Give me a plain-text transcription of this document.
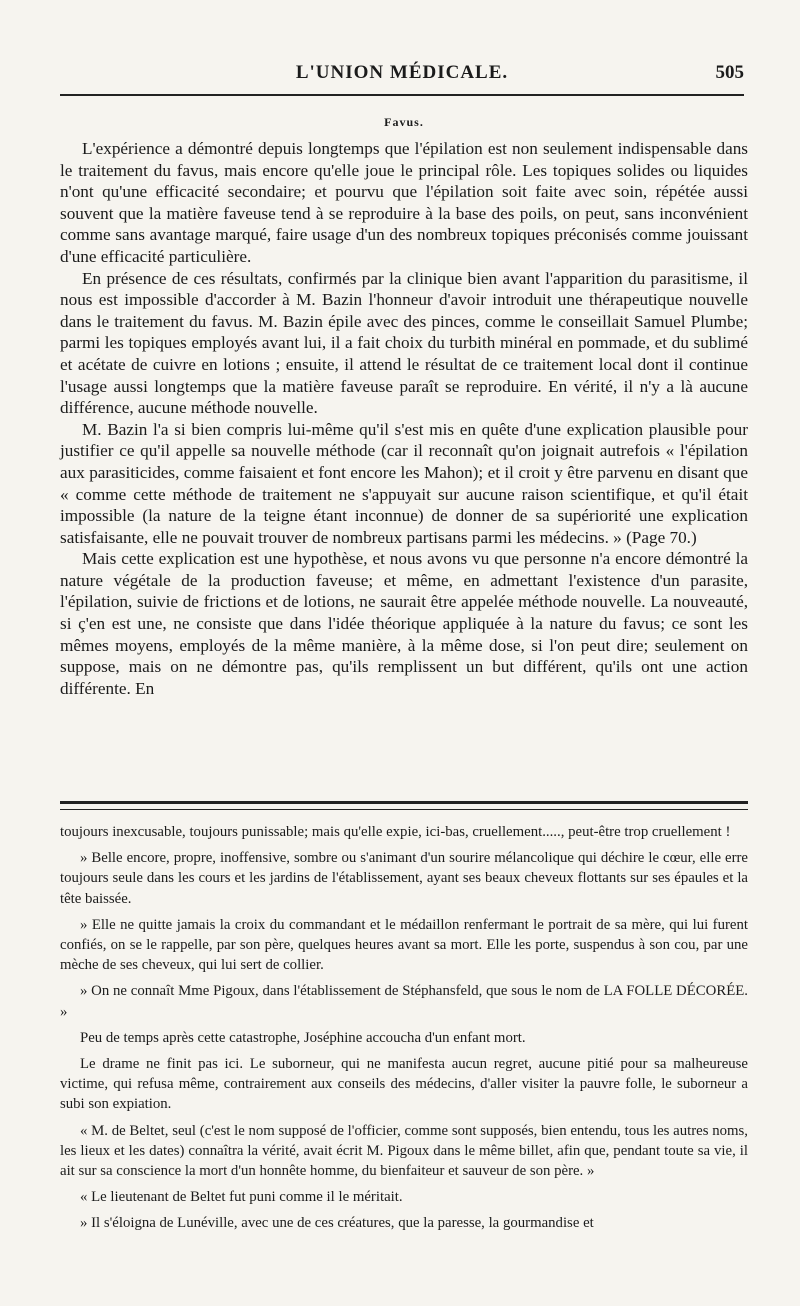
L'UNION MÉDICALE.	505
Favus.

L'expérience a démontré depuis longtemps que l'épilation est non seulement indispensable dans le traitement du favus, mais encore qu'elle joue le principal rôle. Les topiques solides ou liquides n'ont qu'une efficacité secondaire; et pourvu que l'épilation soit faite avec soin, répétée aussi souvent que la matière faveuse tend à se reproduire à la base des poils, on peut, sans inconvénient comme sans avantage marqué, faire usage d'un des nombreux topiques préconisés comme jouissant d'une efficacité particulière.

En présence de ces résultats, confirmés par la clinique bien avant l'apparition du parasitisme, il nous est impossible d'accorder à M. Bazin l'honneur d'avoir introduit une thérapeutique nouvelle dans le traitement du favus. M. Bazin épile avec des pinces, comme le conseillait Samuel Plumbe; parmi les topiques employés avant lui, il a fait choix du turbith minéral en pommade, et du sublimé et acétate de cuivre en lotions ; ensuite, il attend le résultat de ce traitement local dont il continue l'usage aussi longtemps que la matière faveuse paraît se reproduire. En vérité, il n'y a là aucune différence, aucune méthode nouvelle.

M. Bazin l'a si bien compris lui-même qu'il s'est mis en quête d'une explication plausible pour justifier ce qu'il appelle sa nouvelle méthode (car il reconnaît qu'on joignait autrefois « l'épilation aux parasiticides, comme faisaient et font encore les Mahon); et il croit y être parvenu en disant que « comme cette méthode de traitement ne s'appuyait sur aucune raison scientifique, et qu'il était impossible (la nature de la teigne étant inconnue) de donner de sa supériorité une explication satisfaisante, elle ne pouvait trouver de nombreux partisans parmi les médecins. » (Page 70.)

Mais cette explication est une hypothèse, et nous avons vu que personne n'a encore démontré la nature végétale de la production faveuse; et même, en admettant l'existence d'un parasite, l'épilation, suivie de frictions et de lotions, ne saurait être appelée méthode nouvelle. La nouveauté, si ç'en est une, ne consiste que dans l'idée théorique appliquée à la nature du favus; ce sont les mêmes moyens, employés de la même manière, à la même dose, si l'on peut dire; seulement on suppose, mais on ne démontre pas, qu'ils remplissent un but différent, qu'ils ont une action différente. En

toujours inexcusable, toujours punissable; mais qu'elle expie, ici-bas, cruellement....., peut-être trop cruellement !

» Belle encore, propre, inoffensive, sombre ou s'animant d'un sourire mélancolique qui déchire le cœur, elle erre toujours seule dans les cours et les jardins de l'établissement, ayant ses beaux cheveux flottants sur ses épaules et la tête baissée.

» Elle ne quitte jamais la croix du commandant et le médaillon renfermant le portrait de sa mère, qui lui furent confiés, on se le rappelle, par son père, quelques heures avant sa mort. Elle les porte, suspendus à son cou, par une mèche de ses cheveux, qui lui sert de collier.

» On ne connaît Mme Pigoux, dans l'établissement de Stéphansfeld, que sous le nom de LA FOLLE DÉCORÉE. »

Peu de temps après cette catastrophe, Joséphine accoucha d'un enfant mort.

Le drame ne finit pas ici. Le suborneur, qui ne manifesta aucun regret, aucune pitié pour sa malheureuse victime, qui refusa même, contrairement aux conseils des médecins, d'aller visiter la pauvre folle, le suborneur a subi son expiation.

« M. de Beltet, seul (c'est le nom supposé de l'officier, comme sont supposés, bien entendu, tous les autres noms, les lieux et les dates) connaîtra la vérité, avait écrit M. Pigoux dans le même billet, afin que, pendant toute sa vie, il ait sur sa conscience la mort d'un honnête homme, du bienfaiteur et sauveur de son père. »

« Le lieutenant de Beltet fut puni comme il le méritait.

» Il s'éloigna de Lunéville, avec une de ces créatures, que la paresse, la gourmandise et
